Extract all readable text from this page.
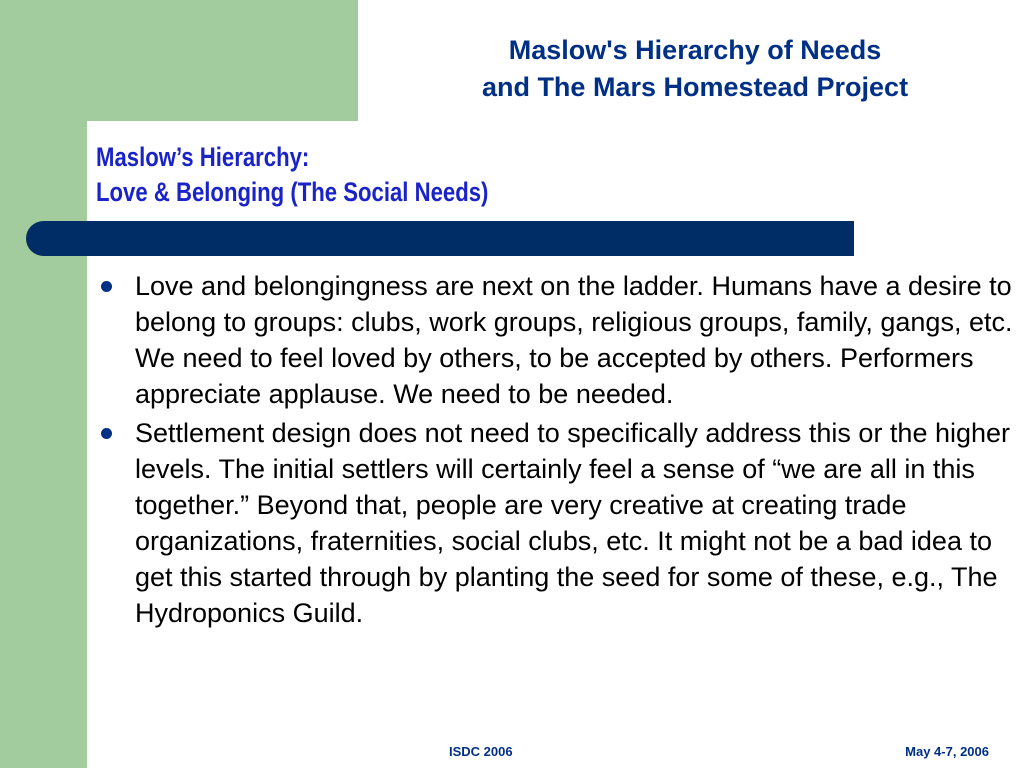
Maslow's Hierarchy of Needs
and The Mars Homestead Project
Maslow’s Hierarchy:
Love & Belonging (The Social Needs)
Love and belongingness are next on the ladder. Humans have a desire to belong to groups: clubs, work groups, religious groups, family, gangs, etc. We need to feel loved by others, to be accepted by others. Performers appreciate applause. We need to be needed.
Settlement design does not need to specifically address this or the higher levels. The initial settlers will certainly feel a sense of “we are all in this together.” Beyond that, people are very creative at creating trade organizations, fraternities, social clubs, etc. It might not be a bad idea to get this started through by planting the seed for some of these, e.g., The Hydroponics Guild.
ISDC 2006	May 4-7, 2006
